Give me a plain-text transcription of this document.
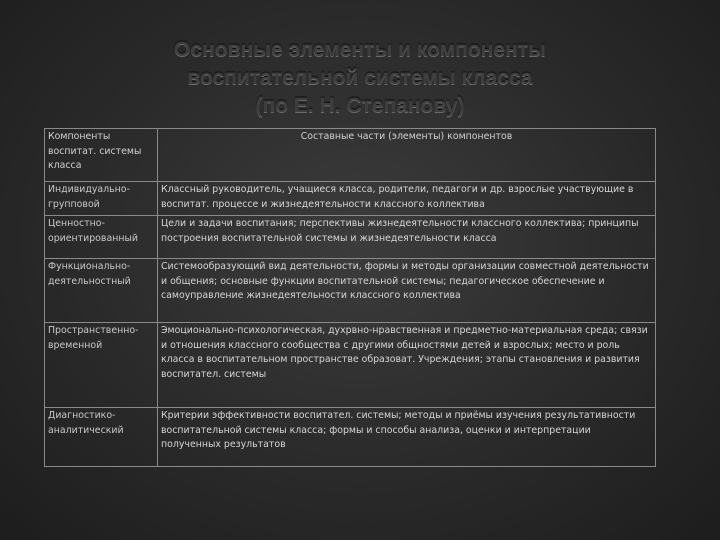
Основные элементы и компоненты
воспитательной системы класса
(по Е. Н. Степанову)
Компоненты воспитат. системы класса	Составные части (элементы) компонентов
Индивидуально-групповой	Классный руководитель, учащиеся класса, родители, педагоги и др. взрослые участвующие в воспитат. процессе и жизнедеятельности классного коллектива
Ценностно-ориентированный	Цели и задачи воспитания; перспективы жизнедеятельности классного коллектива; принципы построения воспитательной системы и жизнедеятельности класса
Функционально-деятельностный	Системообразующий вид деятельности, формы и методы организации совместной деятельности и общения; основные функции воспитательной системы; педагогическое обеспечение и самоуправление жизнедеятельности классного коллектива
Пространственно-временной	Эмоционально-психологическая, духрвно-нравственная и предметно-материальная среда; связи и отношения классного сообщества с другими общностями детей и взрослых; место и роль класса в воспитательном пространстве образоват. Учреждения; этапы становления и развития воспитател. системы
Диагностико-аналитический	Критерии эффективности воспитател. системы; методы и приёмы изучения результативности воспитательной системы класса; формы и способы анализа, оценки и интерпретации полученных результатов
